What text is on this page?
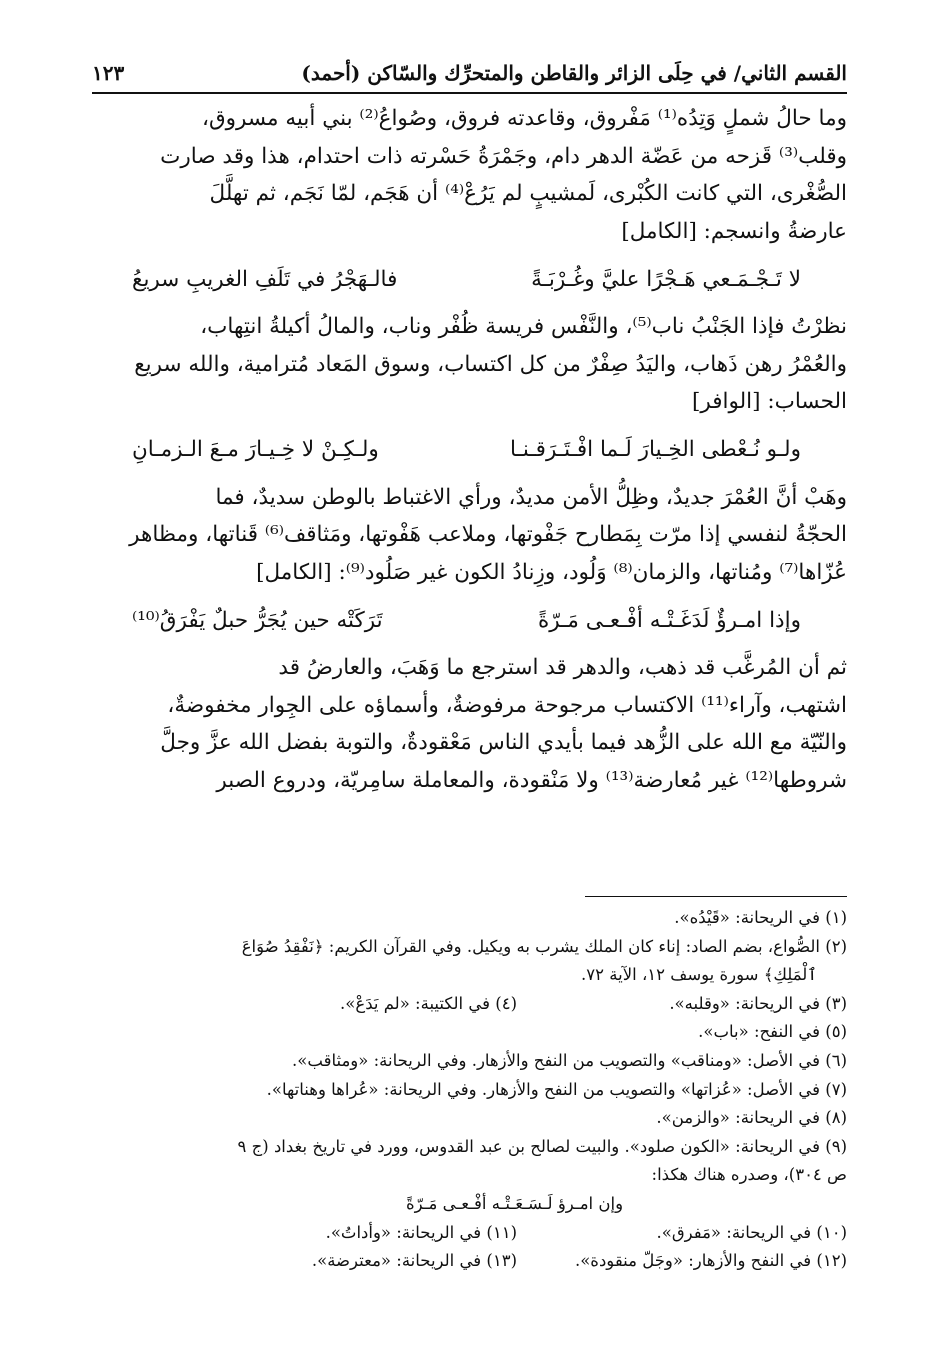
القسم الثاني/ في حِلَى الزائر والقاطن والمتحرِّك والسّاكن (أحمد)
١٢٣
وما حالُ شملٍ وَتِدُه⁽¹⁾ مَفْروق، وقاعدته فروق، وصُواعُ⁽²⁾ بني أبيه مسروق،
وقلب⁽³⁾ قَزحه من عَضّة الدهر دام، وجَمْرَةُ حَسْرته ذات احتدام، هذا وقد صارت
الصُّغْرى، التي كانت الكُبْرى، لَمشيبٍ لم يَرُعْ⁽⁴⁾ أن هَجَم، لمّا نَجَم، ثم تهلَّلَ
عارضةُ وانسجم: [الكامل]
لا تَـجْـمَـعي هَـجْرًا عليَّ وغُـرْبَـةً
فالـهَجْرُ في تَلَفِ الغريبِ سريعُ
نظرْتُ فإذا الجَنْبُ ناب⁽⁵⁾، والنَّفْس فريسة ظُفْر وناب، والمالُ أكيلةُ انتِهاب،
والعُمْرُ رهن ذَهاب، واليَدُ صِفْرٌ من كل اكتساب، وسوق المَعاد مُترامية، والله سريع
الحساب: [الوافر]
ولـو نُـعْطى الخِـيارَ لَـما افْـتَـرَقـنـا
ولـكِـنْ لا خِـيـارَ مـعَ الـزمـانِ
وهَبْ أنَّ العُمْرَ جديدٌ، وظِلُّ الأمن مديدٌ، ورأي الاغتباط بالوطن سديدٌ، فما
الحجّةُ لنفسي إذا مرّت بِمَطارح جَفْوتها، وملاعب هَفْوتها، ومَثاقف⁽⁶⁾ قَناتها، ومظاهر
عُزّاها⁽⁷⁾ ومُناتها، والزمان⁽⁸⁾ وَلُود، وزِنادُ الكون غير صَلُود⁽⁹⁾: [الكامل]
وإذا امـرؤٌ لَدَغَـتْـه أفْـعـى مَـرّةً
تَرَكَتْه حين يُجَرُّ حبلٌ يَفْرَقُ⁽¹⁰⁾
ثم أن المُرغَّب قد ذهب، والدهر قد استرجع ما وَهَبَ، والعارضُ قد
اشتهب، وآراء⁽¹¹⁾ الاكتساب مرجوحة مرفوضةٌ، وأسماؤه على الجِوار مخفوضةٌ،
والنّيّة مع الله على الزُّهد فيما بأيدي الناس مَعْقودةٌ، والتوبة بفضل الله عزَّ وجلَّ
شروطها⁽¹²⁾ غير مُعارضة⁽¹³⁾ ولا مَنْقودة، والمعاملة سامِريّة، ودروع الصبر

(١) في الريحانة: «قَيْدُه».

(٢) الصُّواع، بضم الصاد: إناء كان الملك يشرب به ويكيل. وفي القرآن الكريم: ﴿نَفْقِدُ صُوَاعَ

ٱلْمَلِكِ﴾ سورة يوسف ١٢، الآية ٧٢.

(٣) في الريحانة: «وقلبه».
(٤) في الكتيبة: «لم يَدَعْ».

(٥) في النفح: «باب».

(٦) في الأصل: «ومناقب» والتصويب من النفح والأزهار. وفي الريحانة: «ومثاقب».

(٧) في الأصل: «عُزاتها» والتصويب من النفح والأزهار. وفي الريحانة: «عُراها وهناتها».

(٨) في الريحانة: «والزمن».

(٩) في الريحانة: «الكون صلود». والبيت لصالح بن عبد القدوس، وورد في تاريخ بغداد (ج ٩

ص ٣٠٤)، وصدره هناك هكذا:

وإن امـرؤ لَـسَـعَـتْـه أفْـعـى مَـرّةً

(١٠) في الريحانة: «مَفرق».
(١١) في الريحانة: «وأداتُ».
(١٢) في النفح والأزهار: «وجَلّ منقودة».
(١٣) في الريحانة: «معترضة».
